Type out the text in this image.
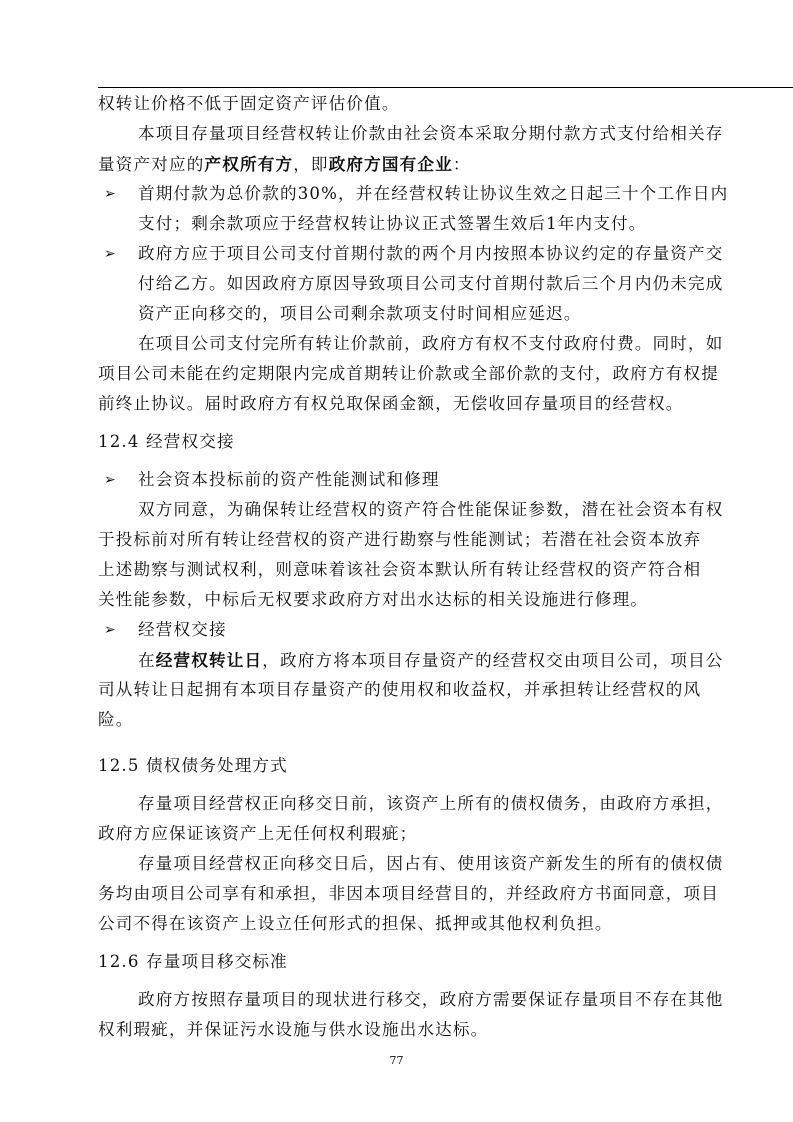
权转让价格不低于固定资产评估价值。
本项目存量项目经营权转让价款由社会资本采取分期付款方式支付给相关存
量资产对应的产权所有方，即政府方国有企业：
➢ 首期付款为总价款的30%，并在经营权转让协议生效之日起三十个工作日内
支付；剩余款项应于经营权转让协议正式签署生效后1年内支付。
➢ 政府方应于项目公司支付首期付款的两个月内按照本协议约定的存量资产交
付给乙方。如因政府方原因导致项目公司支付首期付款后三个月内仍未完成
资产正向移交的，项目公司剩余款项支付时间相应延迟。
在项目公司支付完所有转让价款前，政府方有权不支付政府付费。同时，如
项目公司未能在约定期限内完成首期转让价款或全部价款的支付，政府方有权提
前终止协议。届时政府方有权兑取保函金额，无偿收回存量项目的经营权。
12.4 经营权交接
➢ 社会资本投标前的资产性能测试和修理
双方同意，为确保转让经营权的资产符合性能保证参数，潜在社会资本有权
于投标前对所有转让经营权的资产进行勘察与性能测试；若潜在社会资本放弃
上述勘察与测试权利，则意味着该社会资本默认所有转让经营权的资产符合相
关性能参数，中标后无权要求政府方对出水达标的相关设施进行修理。
➢ 经营权交接
在经营权转让日，政府方将本项目存量资产的经营权交由项目公司，项目公
司从转让日起拥有本项目存量资产的使用权和收益权，并承担转让经营权的风
险。
12.5 债权债务处理方式
存量项目经营权正向移交日前，该资产上所有的债权债务，由政府方承担，
政府方应保证该资产上无任何权利瑕疵；
存量项目经营权正向移交日后，因占有、使用该资产新发生的所有的债权债
务均由项目公司享有和承担，非因本项目经营目的，并经政府方书面同意，项目
公司不得在该资产上设立任何形式的担保、抵押或其他权利负担。
12.6 存量项目移交标准
政府方按照存量项目的现状进行移交，政府方需要保证存量项目不存在其他
权利瑕疵，并保证污水设施与供水设施出水达标。
77
